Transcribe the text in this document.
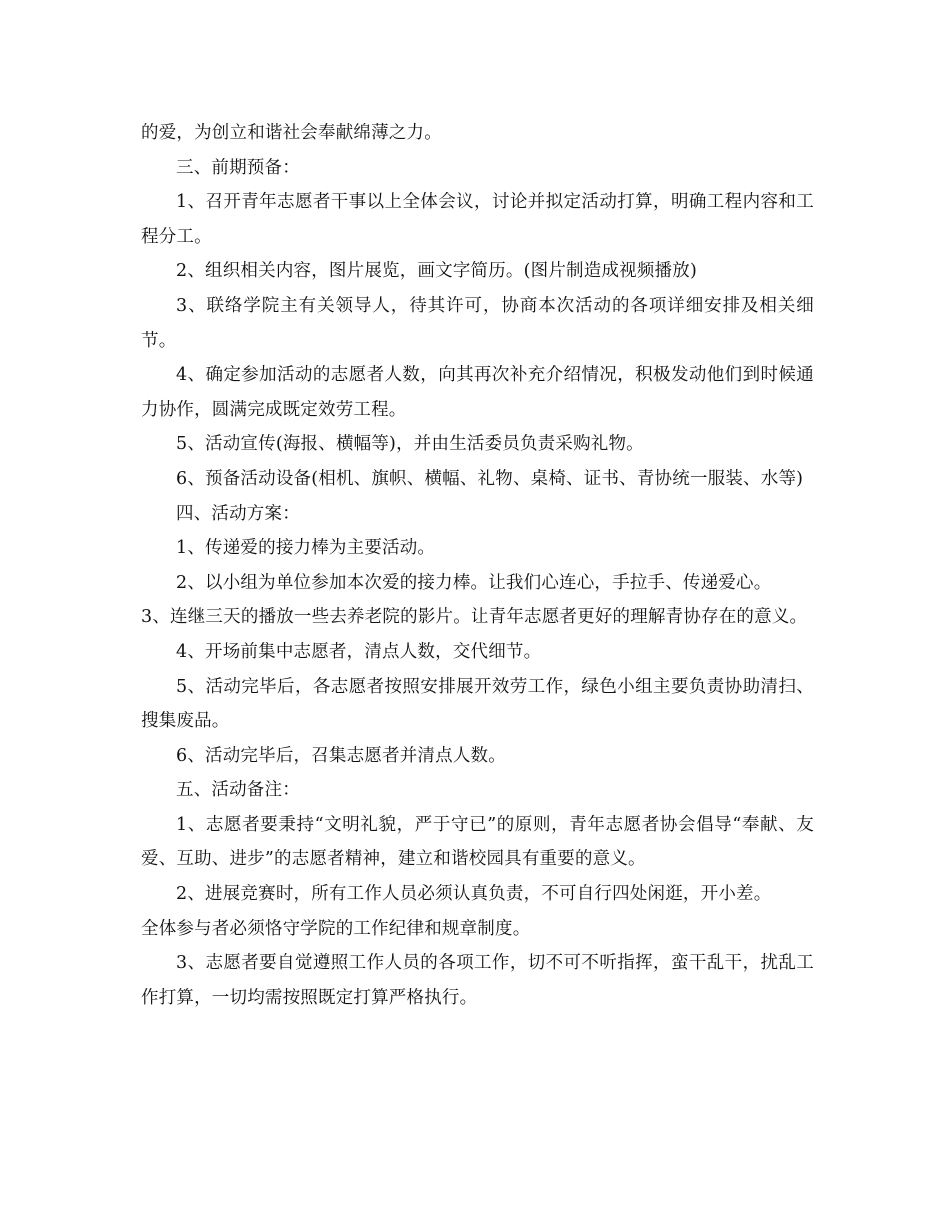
的爱，为创立和谐社会奉献绵薄之力。

三、前期预备：

1、召开青年志愿者干事以上全体会议，讨论并拟定活动打算，明确工程内容和工程分工。

2、组织相关内容，图片展览，画文字简历。(图片制造成视频播放)

3、联络学院主有关领导人，待其许可，协商本次活动的各项详细安排及相关细节。

4、确定参加活动的志愿者人数，向其再次补充介绍情况，积极发动他们到时候通力协作，圆满完成既定效劳工程。

5、活动宣传(海报、横幅等)，并由生活委员负责采购礼物。

6、预备活动设备(相机、旗帜、横幅、礼物、桌椅、证书、青协统一服装、水等)

四、活动方案：

1、传递爱的接力棒为主要活动。

2、以小组为单位参加本次爱的接力棒。让我们心连心，手拉手、传递爱心。

3、连继三天的播放一些去养老院的影片。让青年志愿者更好的理解青协存在的意义。

4、开场前集中志愿者，清点人数，交代细节。

5、活动完毕后，各志愿者按照安排展开效劳工作，绿色小组主要负责协助清扫、搜集废品。

6、活动完毕后，召集志愿者并清点人数。

五、活动备注：

1、志愿者要秉持“文明礼貌，严于守已”的原则，青年志愿者协会倡导“奉献、友爱、互助、进步”的志愿者精神，建立和谐校园具有重要的意义。

2、进展竞赛时，所有工作人员必须认真负责，不可自行四处闲逛，开小差。

全体参与者必须恪守学院的工作纪律和规章制度。

3、志愿者要自觉遵照工作人员的各项工作，切不可不听指挥，蛮干乱干，扰乱工作打算，一切均需按照既定打算严格执行。
